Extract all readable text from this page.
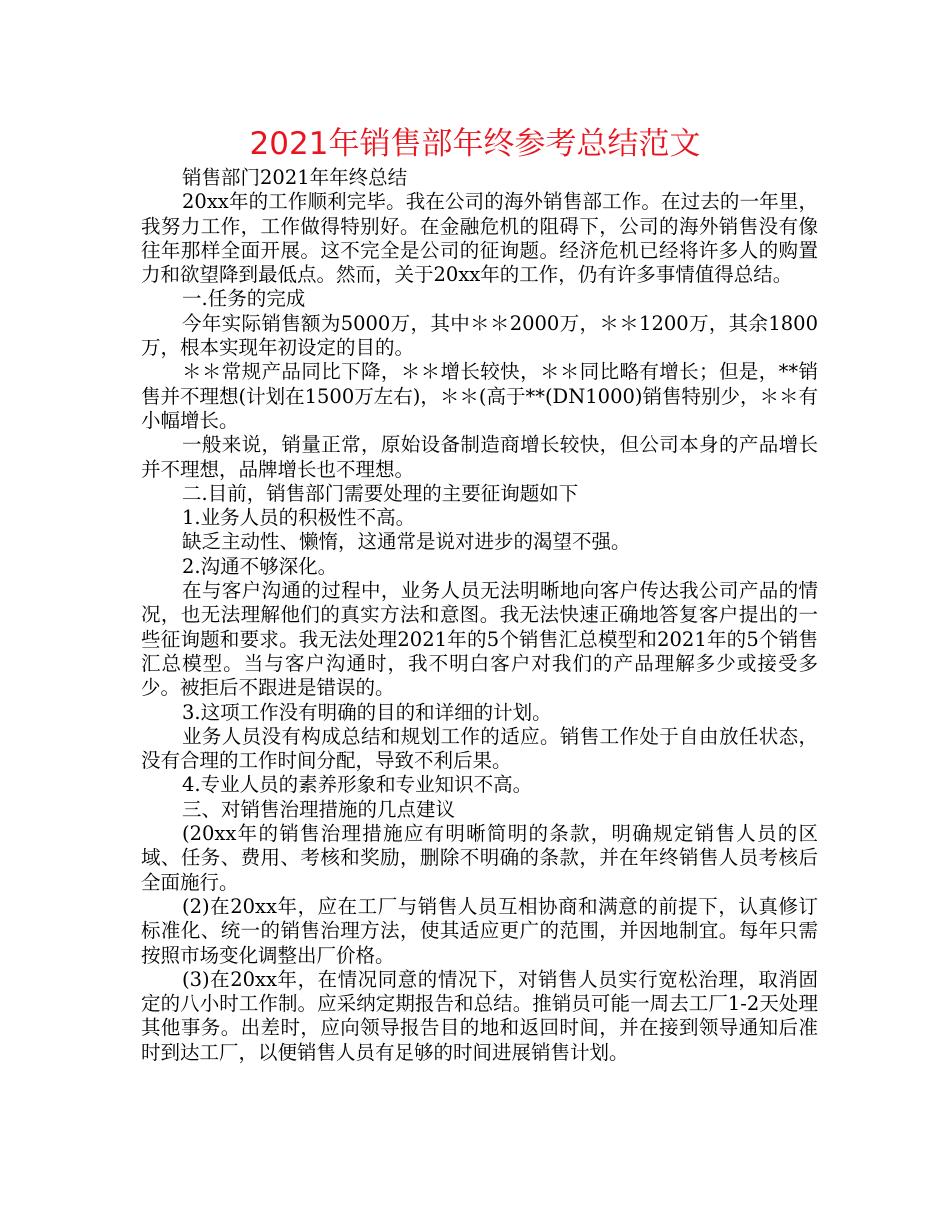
2021年销售部年终参考总结范文

销售部门2021年年终总结

20xx年的工作顺利完毕。我在公司的海外销售部工作。在过去的一年里，我努力工作，工作做得特别好。在金融危机的阻碍下，公司的海外销售没有像往年那样全面开展。这不完全是公司的征询题。经济危机已经将许多人的购置力和欲望降到最低点。然而，关于20xx年的工作，仍有许多事情值得总结。

一.任务的完成

今年实际销售额为5000万，其中＊＊2000万，＊＊1200万，其余1800万，根本实现年初设定的目的。

＊＊常规产品同比下降，＊＊增长较快，＊＊同比略有增长；但是，**销售并不理想(计划在1500万左右)，＊＊(高于**(DN1000)销售特别少，＊＊有小幅增长。

一般来说，销量正常，原始设备制造商增长较快，但公司本身的产品增长并不理想，品牌增长也不理想。

二.目前，销售部门需要处理的主要征询题如下

1.业务人员的积极性不高。

缺乏主动性、懒惰，这通常是说对进步的渴望不强。

2.沟通不够深化。

在与客户沟通的过程中，业务人员无法明晰地向客户传达我公司产品的情况，也无法理解他们的真实方法和意图。我无法快速正确地答复客户提出的一些征询题和要求。我无法处理2021年的5个销售汇总模型和2021年的5个销售汇总模型。当与客户沟通时，我不明白客户对我们的产品理解多少或接受多少。被拒后不跟进是错误的。

3.这项工作没有明确的目的和详细的计划。

业务人员没有构成总结和规划工作的适应。销售工作处于自由放任状态，没有合理的工作时间分配，导致不利后果。

4.专业人员的素养形象和专业知识不高。

三、对销售治理措施的几点建议

(20xx年的销售治理措施应有明晰简明的条款，明确规定销售人员的区域、任务、费用、考核和奖励，删除不明确的条款，并在年终销售人员考核后全面施行。

(2)在20xx年，应在工厂与销售人员互相协商和满意的前提下，认真修订标准化、统一的销售治理方法，使其适应更广的范围，并因地制宜。每年只需按照市场变化调整出厂价格。

(3)在20xx年，在情况同意的情况下，对销售人员实行宽松治理，取消固定的八小时工作制。应采纳定期报告和总结。推销员可能一周去工厂1-2天处理其他事务。出差时，应向领导报告目的地和返回时间，并在接到领导通知后准时到达工厂，以便销售人员有足够的时间进展销售计划。
